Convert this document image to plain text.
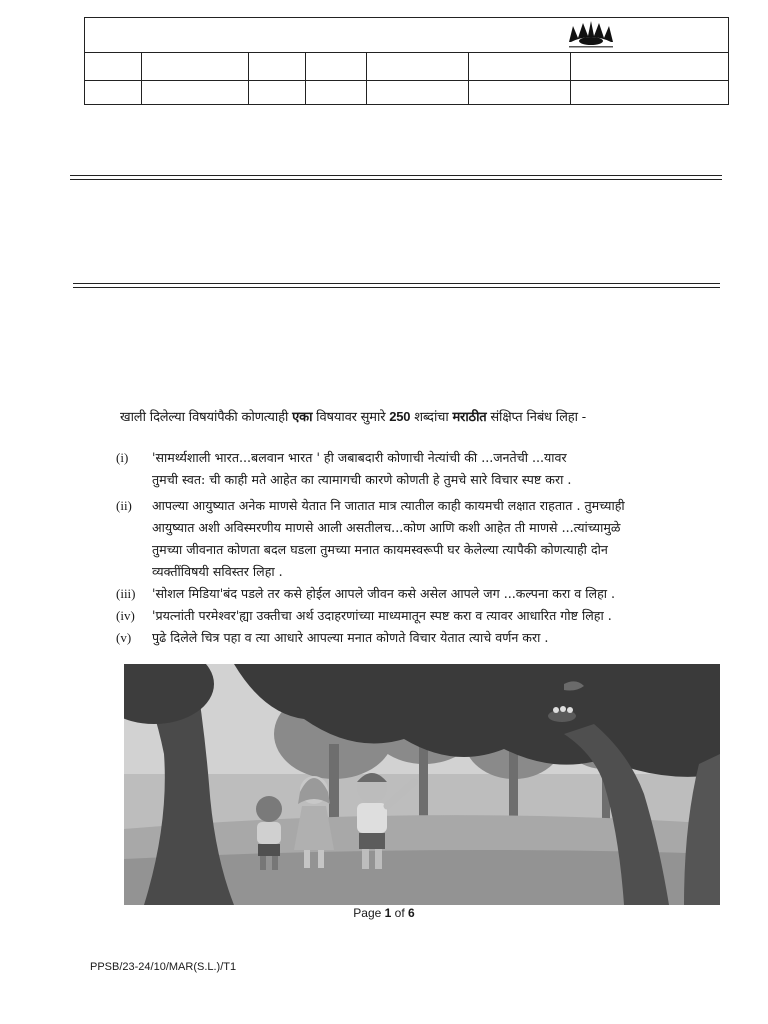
खाली दिलेल्या विषयांपैकी कोणत्याही एका विषयावर सुमारे 250 शब्दांचा मराठीत संक्षिप्त निबंध लिहा -
(i)	'सामर्थ्यशाली भारत...बलवान भारत ' ही जबाबदारी कोणाची नेत्यांची की ...जनतेची ...यावर
तुमची स्वत: ची काही मते आहेत का त्यामागची कारणे कोणती हे तुमचे सारे विचार स्पष्ट करा .
(ii)	आपल्या आयुष्यात अनेक माणसे येतात नि जातात मात्र त्यातील काही कायमची लक्षात राहतात . तुमच्याही
आयुष्यात अशी अविस्मरणीय माणसे आली असतीलच...कोण आणि कशी आहेत ती माणसे ...त्यांच्यामुळे
तुमच्या जीवनात कोणता बदल घडला तुमच्या मनात कायमस्वरूपी घर केलेल्या त्यापैकी कोणत्याही दोन
व्यक्तींविषयी सविस्तर लिहा .
(iii)	'सोशल मिडिया'बंद पडले तर कसे होईल आपले जीवन कसे असेल आपले जग ...कल्पना करा व लिहा .
(iv)	'प्रयत्नांती परमेश्वर'ह्या उक्तीचा अर्थ उदाहरणांच्या माध्यमातून स्पष्ट करा व त्यावर आधारित गोष्ट लिहा .
(v)	पुढे दिलेले चित्र पहा व त्या आधारे आपल्या मनात कोणते विचार येतात त्याचे वर्णन करा .
Page 1 of 6
PPSB/23-24/10/MAR(S.L.)/T1
